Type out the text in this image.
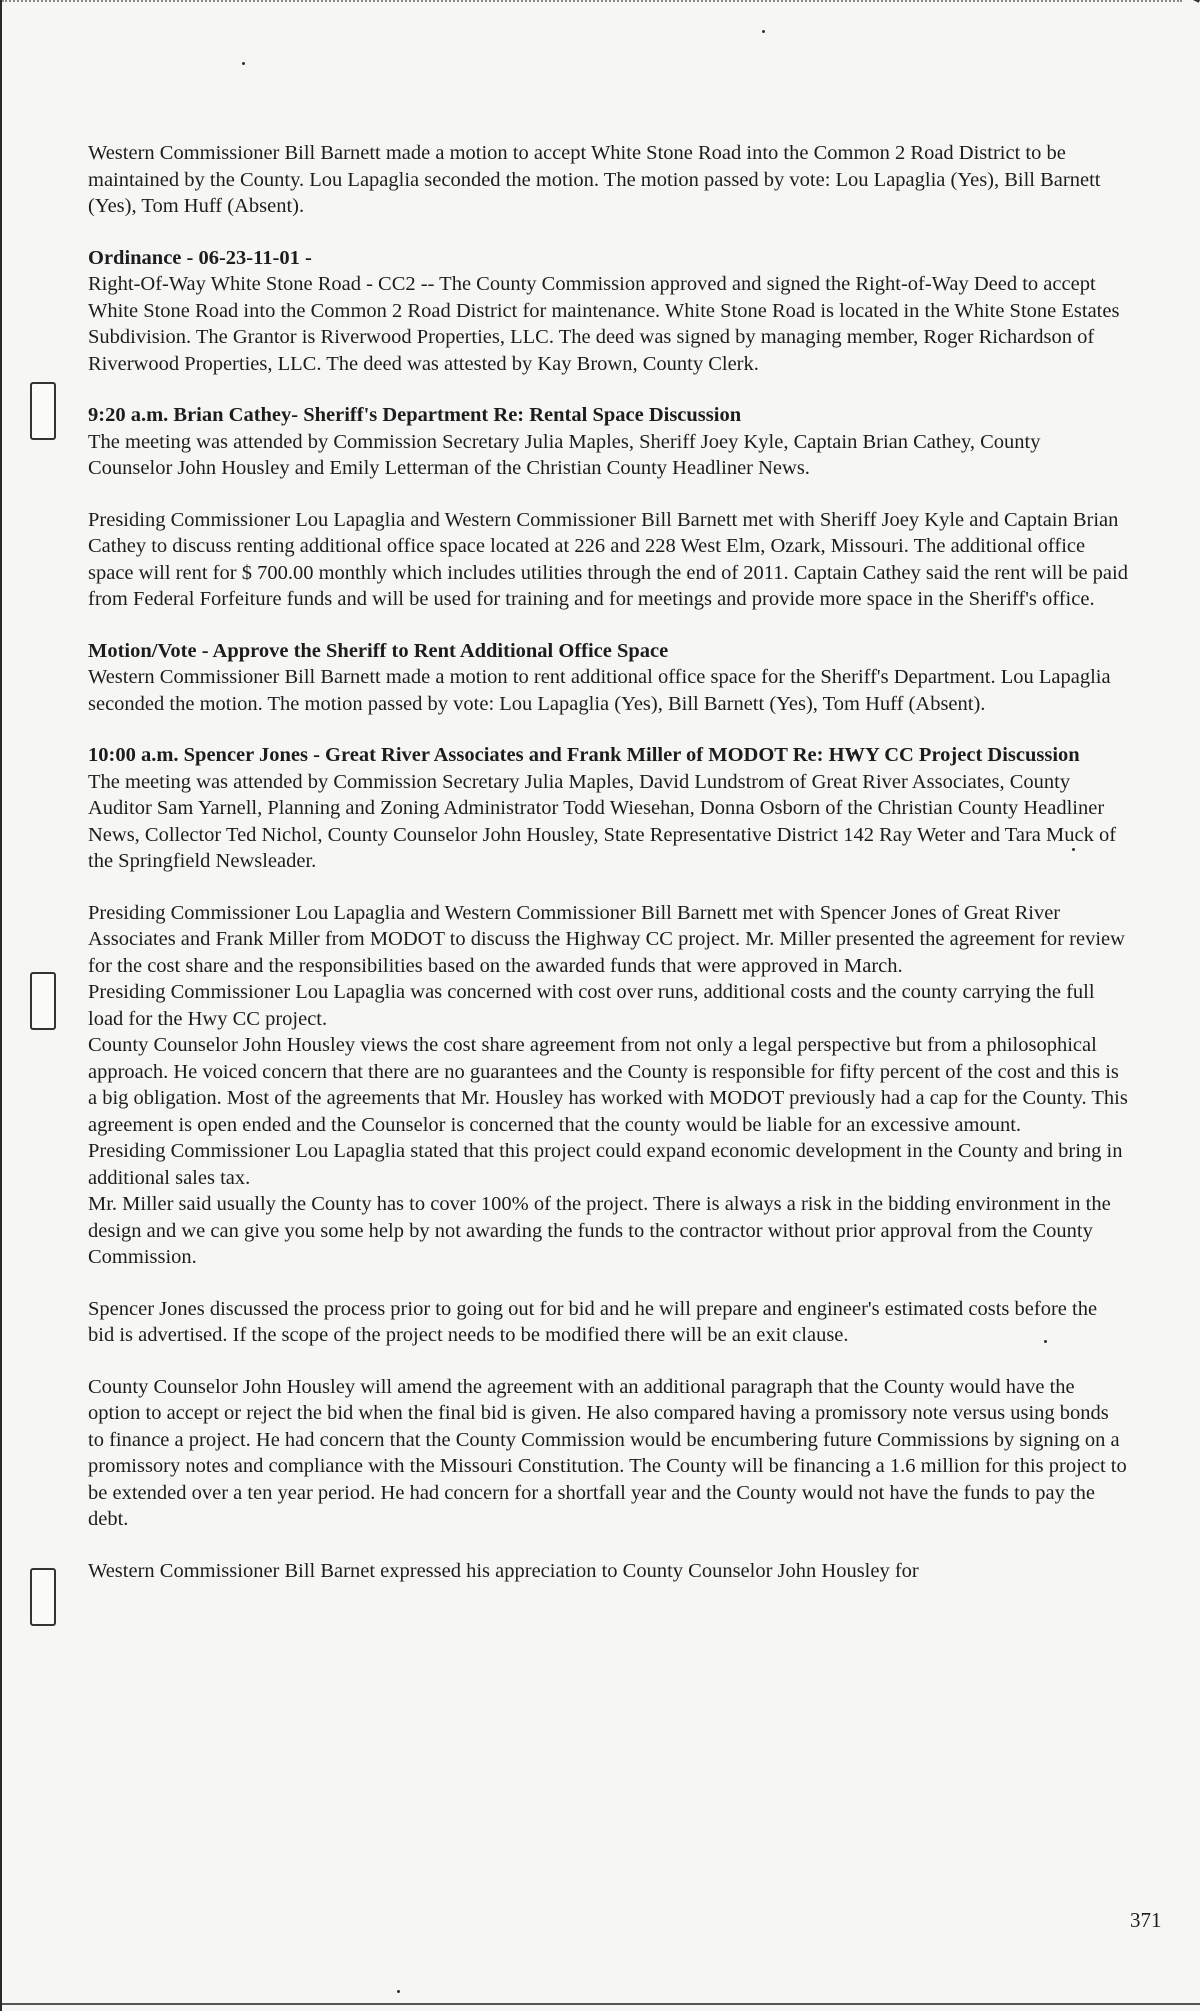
Western Commissioner Bill Barnett made a motion to accept White Stone Road into the Common 2 Road District to be maintained by the County. Lou Lapaglia seconded the motion. The motion passed by vote: Lou Lapaglia (Yes), Bill Barnett (Yes), Tom Huff (Absent).

Ordinance - 06-23-11-01 -
Right-Of-Way White Stone Road - CC2 -- The County Commission approved and signed the Right-of-Way Deed to accept White Stone Road into the Common 2 Road District for maintenance. White Stone Road is located in the White Stone Estates Subdivision. The Grantor is Riverwood Properties, LLC. The deed was signed by managing member, Roger Richardson of Riverwood Properties, LLC. The deed was attested by Kay Brown, County Clerk.

9:20 a.m. Brian Cathey- Sheriff's Department Re: Rental Space Discussion
The meeting was attended by Commission Secretary Julia Maples, Sheriff Joey Kyle, Captain Brian Cathey, County Counselor John Housley and Emily Letterman of the Christian County Headliner News.

Presiding Commissioner Lou Lapaglia and Western Commissioner Bill Barnett met with Sheriff Joey Kyle and Captain Brian Cathey to discuss renting additional office space located at 226 and 228 West Elm, Ozark, Missouri. The additional office space will rent for $ 700.00 monthly which includes utilities through the end of 2011. Captain Cathey said the rent will be paid from Federal Forfeiture funds and will be used for training and for meetings and provide more space in the Sheriff's office.

Motion/Vote - Approve the Sheriff to Rent Additional Office Space
Western Commissioner Bill Barnett made a motion to rent additional office space for the Sheriff's Department. Lou Lapaglia seconded the motion. The motion passed by vote: Lou Lapaglia (Yes), Bill Barnett (Yes), Tom Huff (Absent).

10:00 a.m. Spencer Jones - Great River Associates and Frank Miller of MODOT Re: HWY CC Project Discussion
The meeting was attended by Commission Secretary Julia Maples, David Lundstrom of Great River Associates, County Auditor Sam Yarnell, Planning and Zoning Administrator Todd Wiesehan, Donna Osborn of the Christian County Headliner News, Collector Ted Nichol, County Counselor John Housley, State Representative District 142 Ray Weter and Tara Muck of the Springfield Newsleader.

Presiding Commissioner Lou Lapaglia and Western Commissioner Bill Barnett met with Spencer Jones of Great River Associates and Frank Miller from MODOT to discuss the Highway CC project. Mr. Miller presented the agreement for review for the cost share and the responsibilities based on the awarded funds that were approved in March.

Presiding Commissioner Lou Lapaglia was concerned with cost over runs, additional costs and the county carrying the full load for the Hwy CC project.

County Counselor John Housley views the cost share agreement from not only a legal perspective but from a philosophical approach. He voiced concern that there are no guarantees and the County is responsible for fifty percent of the cost and this is a big obligation. Most of the agreements that Mr. Housley has worked with MODOT previously had a cap for the County. This agreement is open ended and the Counselor is concerned that the county would be liable for an excessive amount.

Presiding Commissioner Lou Lapaglia stated that this project could expand economic development in the County and bring in additional sales tax.

Mr. Miller said usually the County has to cover 100% of the project. There is always a risk in the bidding environment in the design and we can give you some help by not awarding the funds to the contractor without prior approval from the County Commission.

Spencer Jones discussed the process prior to going out for bid and he will prepare and engineer's estimated costs before the bid is advertised. If the scope of the project needs to be modified there will be an exit clause.

County Counselor John Housley will amend the agreement with an additional paragraph that the County would have the option to accept or reject the bid when the final bid is given. He also compared having a promissory note versus using bonds to finance a project. He had concern that the County Commission would be encumbering future Commissions by signing on a promissory notes and compliance with the Missouri Constitution. The County will be financing a 1.6 million for this project to be extended over a ten year period. He had concern for a shortfall year and the County would not have the funds to pay the debt.

Western Commissioner Bill Barnet expressed his appreciation to County Counselor John Housley for

371
